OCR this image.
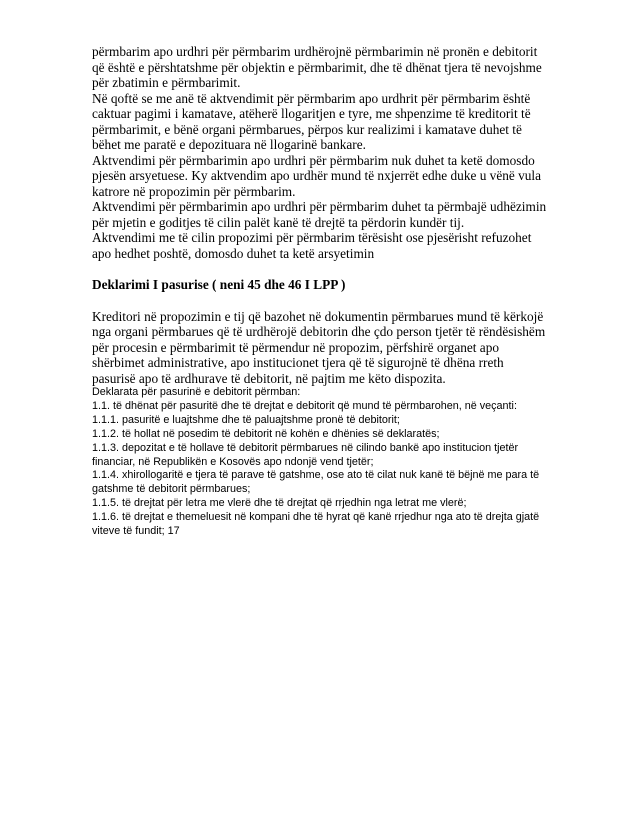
përmbarim apo urdhri për përmbarim urdhërojnë përmbarimin në pronën e debitorit që është e përshtatshme për objektin e përmbarimit, dhe të dhënat tjera të nevojshme për zbatimin e përmbarimit.

Në qoftë se me anë të aktvendimit për përmbarim apo urdhrit për përmbarim është caktuar pagimi i kamatave, atëherë llogaritjen e tyre, me shpenzime të kreditorit të përmbarimit, e bënë organi përmbarues, përpos kur realizimi i kamatave duhet të bëhet me paratë e depozituara në llogarinë bankare.

Aktvendimi për përmbarimin apo urdhri për përmbarim nuk duhet ta ketë domosdo pjesën arsyetuese. Ky aktvendim apo urdhër mund të nxjerrët edhe duke u vënë vula katrore në propozimin për përmbarim.

Aktvendimi për përmbarimin apo urdhri për përmbarim duhet ta përmbajë udhëzimin për mjetin e goditjes të cilin palët kanë të drejtë ta përdorin kundër tij.

Aktvendimi me të cilin propozimi për përmbarim tërësisht ose pjesërisht refuzohet apo hedhet poshtë, domosdo duhet ta ketë arsyetimin

Deklarimi I pasurise ( neni 45 dhe 46 I LPP )

Kreditori në propozimin e tij që bazohet në dokumentin përmbarues mund të kërkojë nga organi përmbarues që të urdhërojë debitorin dhe çdo person tjetër të rëndësishëm për procesin e përmbarimit të përmendur në propozim, përfshirë organet apo shërbimet administrative, apo institucionet tjera që të sigurojnë të dhëna rreth pasurisë apo të ardhurave të debitorit, në pajtim me këto dispozita.

Deklarata për pasurinë e debitorit përmban:

1.1. të dhënat për pasuritë dhe të drejtat e debitorit që mund të përmbarohen, në veçanti:

1.1.1. pasuritë e luajtshme dhe të paluajtshme pronë të debitorit;

1.1.2. të hollat në posedim të debitorit në kohën e dhënies së deklaratës;

1.1.3. depozitat e të hollave të debitorit përmbarues në cilindo bankë apo institucion tjetër financiar, në Republikën e Kosovës apo ndonjë vend tjetër;

1.1.4. xhirollogaritë e tjera të parave të gatshme, ose ato të cilat nuk kanë të bëjnë me para të gatshme të debitorit përmbarues;

1.1.5. të drejtat për letra me vlerë dhe të drejtat që rrjedhin nga letrat me vlerë;

1.1.6. të drejtat e themeluesit në kompani dhe të hyrat që kanë rrjedhur nga ato të drejta gjatë viteve të fundit; 17
